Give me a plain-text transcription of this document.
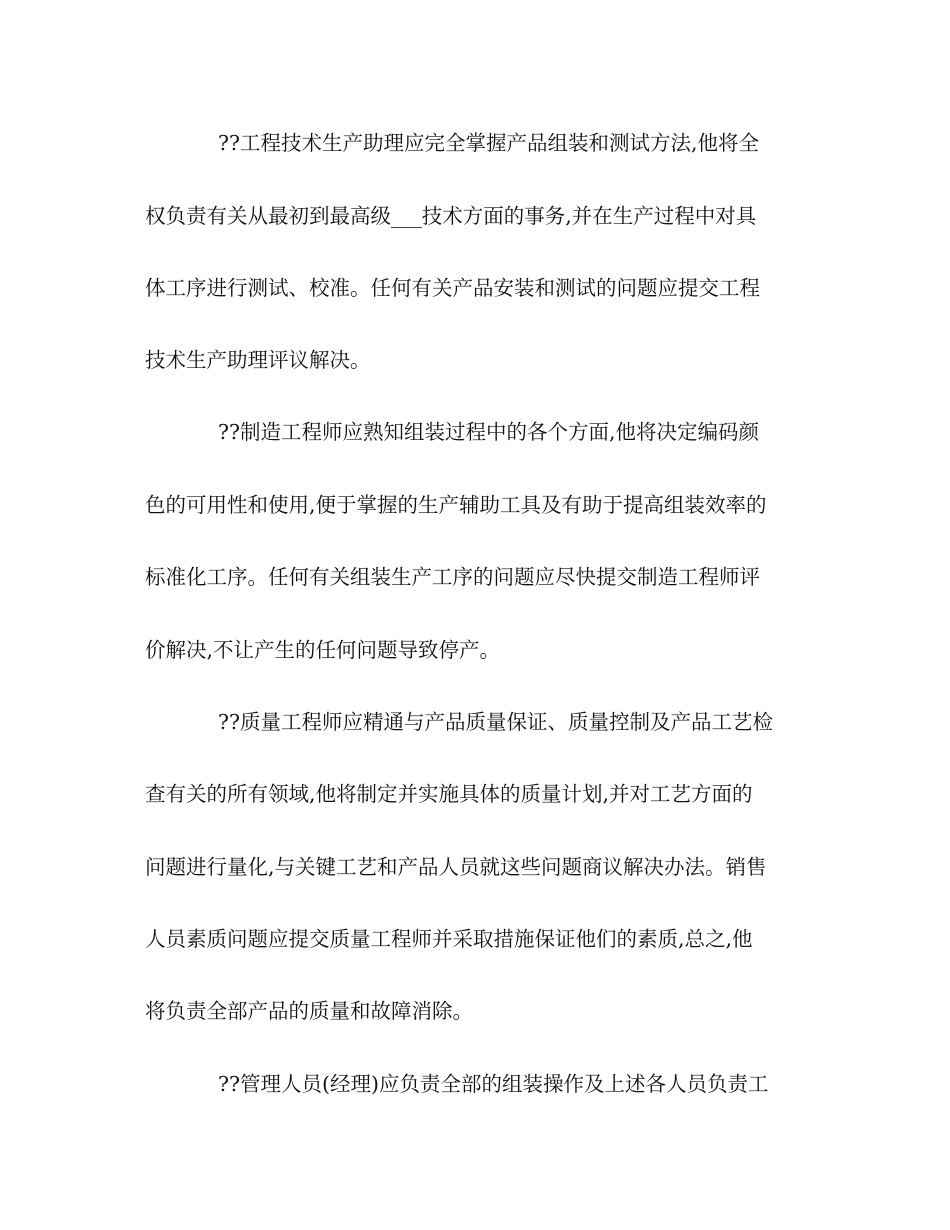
??工程技术生产助理应完全掌握产品组装和测试方法,他将全
权负责有关从最初到最高级___技术方面的事务,并在生产过程中对具
体工序进行测试、校准。任何有关产品安装和测试的问题应提交工程
技术生产助理评议解决。
??制造工程师应熟知组装过程中的各个方面,他将决定编码颜
色的可用性和使用,便于掌握的生产辅助工具及有助于提高组装效率的
标准化工序。任何有关组装生产工序的问题应尽快提交制造工程师评
价解决,不让产生的任何问题导致停产。
??质量工程师应精通与产品质量保证、质量控制及产品工艺检
查有关的所有领域,他将制定并实施具体的质量计划,并对工艺方面的
问题进行量化,与关键工艺和产品人员就这些问题商议解决办法。销售
人员素质问题应提交质量工程师并采取措施保证他们的素质,总之,他
将负责全部产品的质量和故障消除。
??管理人员(经理)应负责全部的组装操作及上述各人员负责工
